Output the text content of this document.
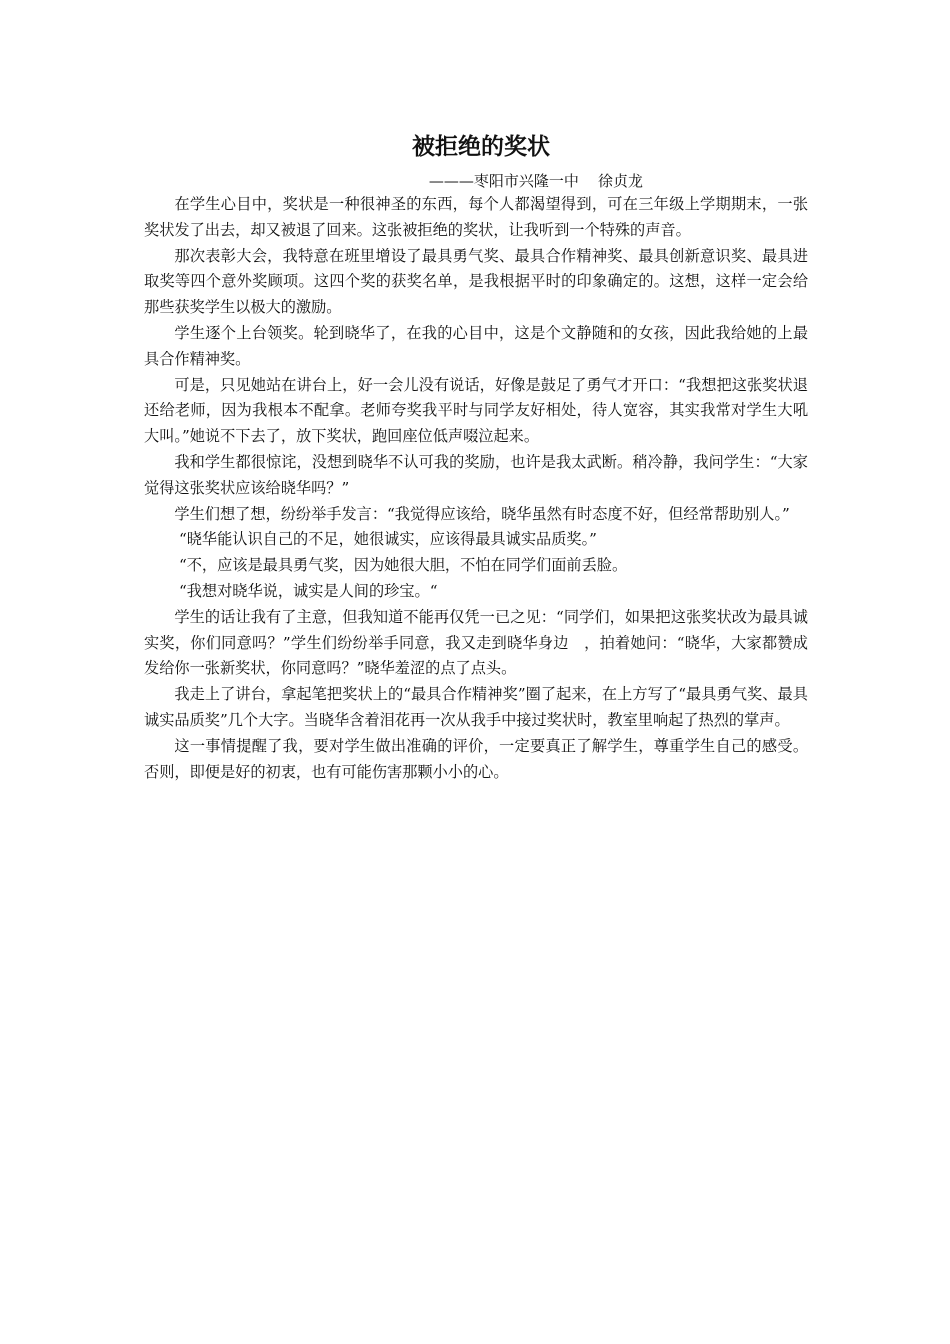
被拒绝的奖状

———枣阳市兴隆一中    徐贞龙

在学生心目中，奖状是一种很神圣的东西，每个人都渴望得到，可在三年级上学期期末，一张奖状发了出去，却又被退了回来。这张被拒绝的奖状，让我听到一个特殊的声音。

那次表彰大会，我特意在班里增设了最具勇气奖、最具合作精神奖、最具创新意识奖、最具进取奖等四个意外奖顾项。这四个奖的获奖名单，是我根据平时的印象确定的。这想，这样一定会给那些获奖学生以极大的激励。

学生逐个上台领奖。轮到晓华了，在我的心目中，这是个文静随和的女孩，因此我给她的上最具合作精神奖。

可是，只见她站在讲台上，好一会儿没有说话，好像是鼓足了勇气才开口：“我想把这张奖状退还给老师，因为我根本不配拿。老师夸奖我平时与同学友好相处，待人宽容，其实我常对学生大吼大叫。”她说不下去了，放下奖状，跑回座位低声啜泣起来。

我和学生都很惊诧，没想到晓华不认可我的奖励，也许是我太武断。稍冷静，我问学生：“大家觉得这张奖状应该给晓华吗？”

学生们想了想，纷纷举手发言：“我觉得应该给，晓华虽然有时态度不好，但经常帮助别人。”

“晓华能认识自己的不足，她很诚实，应该得最具诚实品质奖。”

“不，应该是最具勇气奖，因为她很大胆，不怕在同学们面前丢脸。

“我想对晓华说，诚实是人间的珍宝。“

学生的话让我有了主意，但我知道不能再仅凭一已之见：“同学们，如果把这张奖状改为最具诚实奖，你们同意吗？”学生们纷纷举手同意，我又走到晓华身边　，拍着她问：“晓华，大家都赞成发给你一张新奖状，你同意吗？”晓华羞涩的点了点头。

我走上了讲台，拿起笔把奖状上的“最具合作精神奖”圈了起来，在上方写了“最具勇气奖、最具诚实品质奖”几个大字。当晓华含着泪花再一次从我手中接过奖状时，教室里响起了热烈的掌声。

这一事情提醒了我，要对学生做出准确的评价，一定要真正了解学生，尊重学生自己的感受。否则，即便是好的初衷，也有可能伤害那颗小小的心。
